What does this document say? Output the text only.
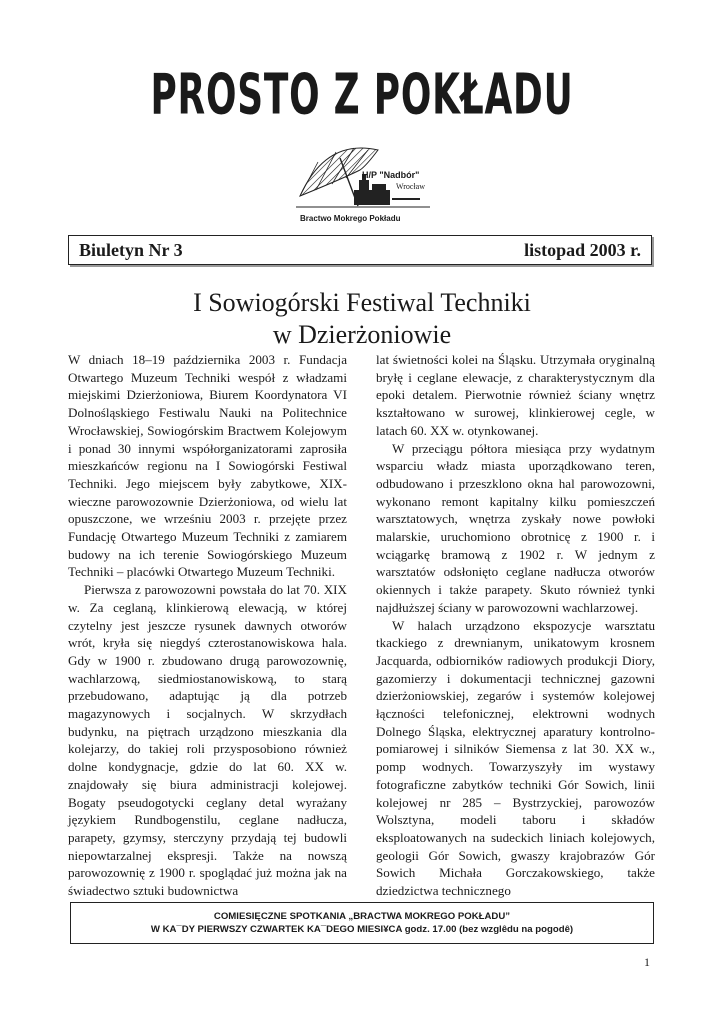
PROSTO Z POKŁADU
H/P "Nadbór"
Wrocław
Bractwo Mokrego Pokładu
Biuletyn Nr 3	listopad 2003 r.
I Sowiogórski Festiwal Techniki
w Dzierżoniowie

W dniach 18–19 października 2003 r. Fundacja Otwartego Muzeum Techniki wespół z władzami miejskimi Dzierżoniowa, Biurem Koordynatora VI Dolnośląskiego Festiwalu Nauki na Politechnice Wrocławskiej, Sowiogórskim Bractwem Kolejowym i ponad 30 innymi współorganizatorami zaprosiła mieszkańców regionu na I Sowiogórski Festiwal Techniki. Jego miejscem były zabytkowe, XIX-wieczne parowozownie Dzierżoniowa, od wielu lat opuszczone, we wrześniu 2003 r. przejęte przez Fundację Otwartego Muzeum Techniki z zamiarem budowy na ich terenie Sowiogórskiego Muzeum Techniki – placówki Otwartego Muzeum Techniki.

Pierwsza z parowozowni powstała do lat 70. XIX w. Za ceglaną, klinkierową elewacją, w której czytelny jest jeszcze rysunek dawnych otworów wrót, kryła się niegdyś czterostanowiskowa hala. Gdy w 1900 r. zbudowano drugą parowozownię, wachlarzową, siedmiostanowiskową, to starą przebudowano, adaptując ją dla potrzeb magazynowych i socjalnych. W skrzydłach budynku, na piętrach urządzono mieszkania dla kolejarzy, do takiej roli przysposobiono również dolne kondygnacje, gdzie do lat 60. XX w. znajdowały się biura administracji kolejowej. Bogaty pseudogotycki ceglany detal wyrażany językiem Rundbogenstilu, ceglane nadłucza, parapety, gzymsy, sterczyny przydają tej budowli niepowtarzalnej ekspresji. Także na nowszą parowozownię z 1900 r. spoglądać już można jak na świadectwo sztuki budownictwa

lat świetności kolei na Śląsku. Utrzymała oryginalną bryłę i ceglane elewacje, z charakterystycznym dla epoki detalem. Pierwotnie również ściany wnętrz kształtowano w surowej, klinkierowej cegle, w latach 60. XX w. otynkowanej.

W przeciągu półtora miesiąca przy wydatnym wsparciu władz miasta uporządkowano teren, odbudowano i przeszklono okna hal parowozowni, wykonano remont kapitalny kilku pomieszczeń warsztatowych, wnętrza zyskały nowe powłoki malarskie, uruchomiono obrotnicę z 1900 r. i wciągarkę bramową z 1902 r. W jednym z warsztatów odsłonięto ceglane nadłucza otworów okiennych i także parapety. Skuto również tynki najdłuższej ściany w parowozowni wachlarzowej.

W halach urządzono ekspozycje warsztatu tkackiego z drewnianym, unikatowym krosnem Jacquarda, odbiorników radiowych produkcji Diory, gazomierzy i dokumentacji technicznej gazowni dzierżoniowskiej, zegarów i systemów kolejowej łączności telefonicznej, elektrowni wodnych Dolnego Śląska, elektrycznej aparatury kontrolno-pomiarowej i silników Siemensa z lat 30. XX w., pomp wodnych. Towarzyszyły im wystawy fotograficzne zabytków techniki Gór Sowich, linii kolejowej nr 285 – Bystrzyckiej, parowozów Wolsztyna, modeli taboru i składów eksploatowanych na sudeckich liniach kolejowych, geologii Gór Sowich, gwaszy krajobrazów Gór Sowich Michała Gorczakowskiego, także dziedzictwa technicznego

COMIESIĘCZNE SPOTKANIA „BRACTWA MOKREGO POKŁADU”
W KA¯DY PIERWSZY CZWARTEK KA¯DEGO MIESI¥CA godz. 17.00 (bez wzglêdu na pogodê)
1
